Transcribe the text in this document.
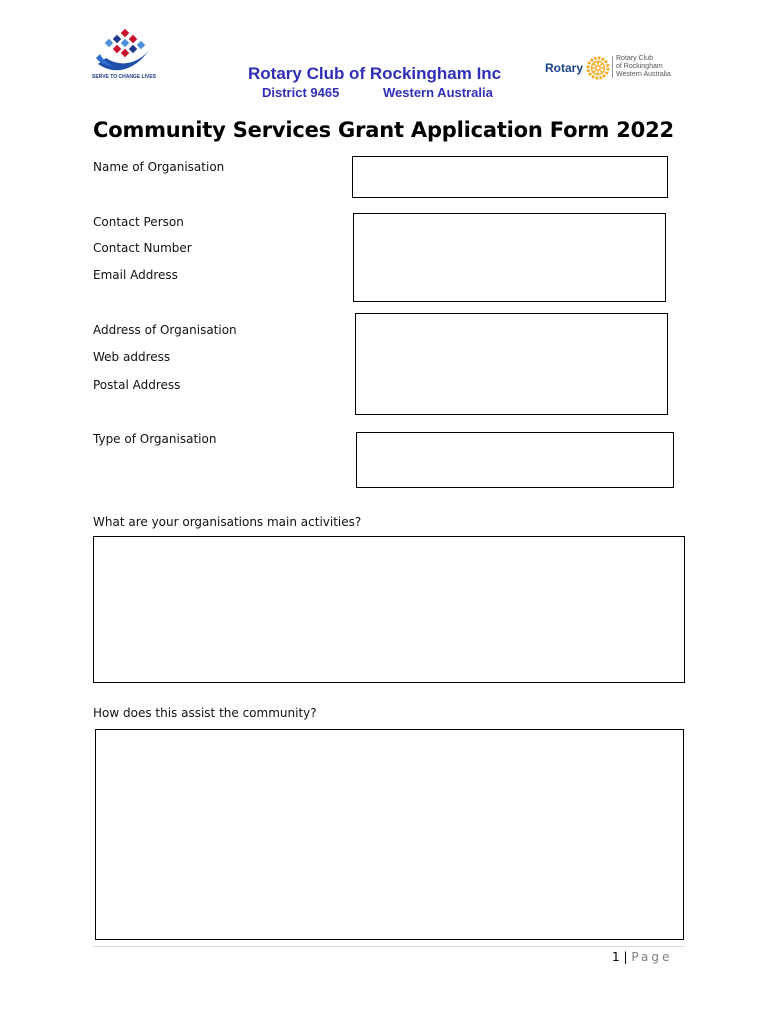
SERVE TO CHANGE LIVES	Rotary Club of Rockingham Inc
District 9465	Western Australia
Rotary
Rotary Club
of Rockingham
Western Australia
Community Services Grant Application Form 2022
Name of Organisation
Contact Person
Contact Number
Email Address
Address of Organisation
Web address
Postal Address
Type of Organisation
What are your organisations main activities?
How does this assist the community?
1 | Page
